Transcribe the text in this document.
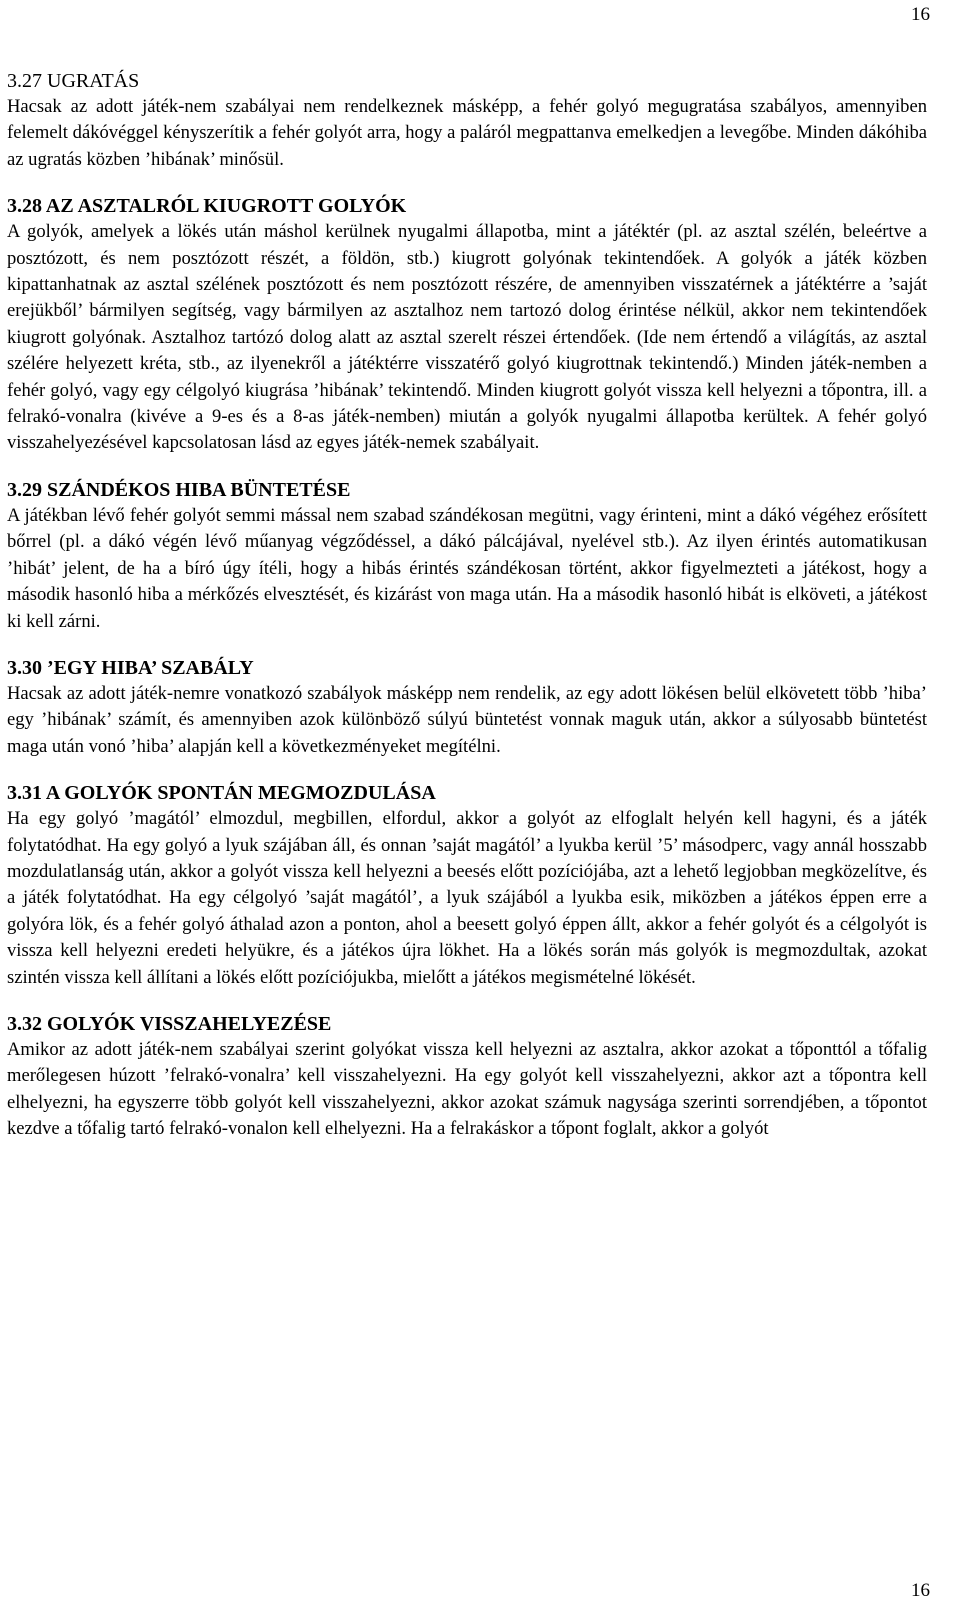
16
3.27 UGRATÁS

Hacsak az adott játék-nem szabályai nem rendelkeznek másképp, a fehér golyó megugratása szabályos, amennyiben felemelt dákóvéggel kényszerítik a fehér golyót arra, hogy a paláról megpattanva emelkedjen a levegőbe. Minden dákóhiba az ugratás közben ’hibának’ minősül.

3.28 AZ ASZTALRÓL KIUGROTT GOLYÓK

A golyók, amelyek a lökés után máshol kerülnek nyugalmi állapotba, mint a játéktér (pl. az asztal szélén, beleértve a posztózott, és nem posztózott részét, a földön, stb.) kiugrott golyónak tekintendőek. A golyók a játék közben kipattanhatnak az asztal szélének posztózott és nem posztózott részére, de amennyiben visszatérnek a játéktérre a ’saját erejükből’ bármilyen segítség, vagy bármilyen az asztalhoz nem tartozó dolog érintése nélkül, akkor nem tekintendőek kiugrott golyónak. Asztalhoz tartózó dolog alatt az asztal szerelt részei értendőek. (Ide nem értendő a világítás, az asztal szélére helyezett kréta, stb., az ilyenekről a játéktérre visszatérő golyó kiugrottnak tekintendő.) Minden játék-nemben a fehér golyó, vagy egy célgolyó kiugrása ’hibának’ tekintendő. Minden kiugrott golyót vissza kell helyezni a tőpontra, ill. a felrakó-vonalra (kivéve a 9-es és a 8-as játék-nemben) miután a golyók nyugalmi állapotba kerültek. A fehér golyó visszahelyezésével kapcsolatosan lásd az egyes játék-nemek szabályait.

3.29 SZÁNDÉKOS HIBA BÜNTETÉSE

A játékban lévő fehér golyót semmi mással nem szabad szándékosan megütni, vagy érinteni, mint a dákó végéhez erősített bőrrel (pl. a dákó végén lévő műanyag végződéssel, a dákó pálcájával, nyelével stb.). Az ilyen érintés automatikusan ’hibát’ jelent, de ha a bíró úgy ítéli, hogy a hibás érintés szándékosan történt, akkor figyelmezteti a játékost, hogy a második hasonló hiba a mérkőzés elvesztését, és kizárást von maga után. Ha a második hasonló hibát is elköveti, a játékost ki kell zárni.

3.30 ’EGY HIBA’ SZABÁLY

Hacsak az adott játék-nemre vonatkozó szabályok másképp nem rendelik, az egy adott lökésen belül elkövetett több ’hiba’ egy ’hibának’ számít, és amennyiben azok különböző súlyú büntetést vonnak maguk után, akkor a súlyosabb büntetést maga után vonó ’hiba’ alapján kell a következményeket megítélni.

3.31 A GOLYÓK SPONTÁN MEGMOZDULÁSA

Ha egy golyó ’magától’ elmozdul, megbillen, elfordul, akkor a golyót az elfoglalt helyén kell hagyni, és a játék folytatódhat. Ha egy golyó a lyuk szájában áll, és onnan ’saját magától’ a lyukba kerül ’5’ másodperc, vagy annál hosszabb mozdulatlanság után, akkor a golyót vissza kell helyezni a beesés előtt pozíciójába, azt a lehető legjobban megközelítve, és a játék folytatódhat. Ha egy célgolyó ’saját magától’, a lyuk szájából a lyukba esik, miközben a játékos éppen erre a golyóra lök, és a fehér golyó áthalad azon a ponton, ahol a beesett golyó éppen állt, akkor a fehér golyót és a célgolyót is vissza kell helyezni eredeti helyükre, és a játékos újra lökhet. Ha a lökés során más golyók is megmozdultak, azokat szintén vissza kell állítani a lökés előtt pozíciójukba, mielőtt a játékos megismételné lökését.

3.32 GOLYÓK VISSZAHELYEZÉSE

Amikor az adott játék-nem szabályai szerint golyókat vissza kell helyezni az asztalra, akkor azokat a tőponttól a tőfalig merőlegesen húzott ’felrakó-vonalra’ kell visszahelyezni. Ha egy golyót kell visszahelyezni, akkor azt a tőpontra kell elhelyezni, ha egyszerre több golyót kell visszahelyezni, akkor azokat számuk nagysága szerinti sorrendjében, a tőpontot kezdve a tőfalig tartó felrakó-vonalon kell elhelyezni. Ha a felrakáskor a tőpont foglalt, akkor a golyót

16
